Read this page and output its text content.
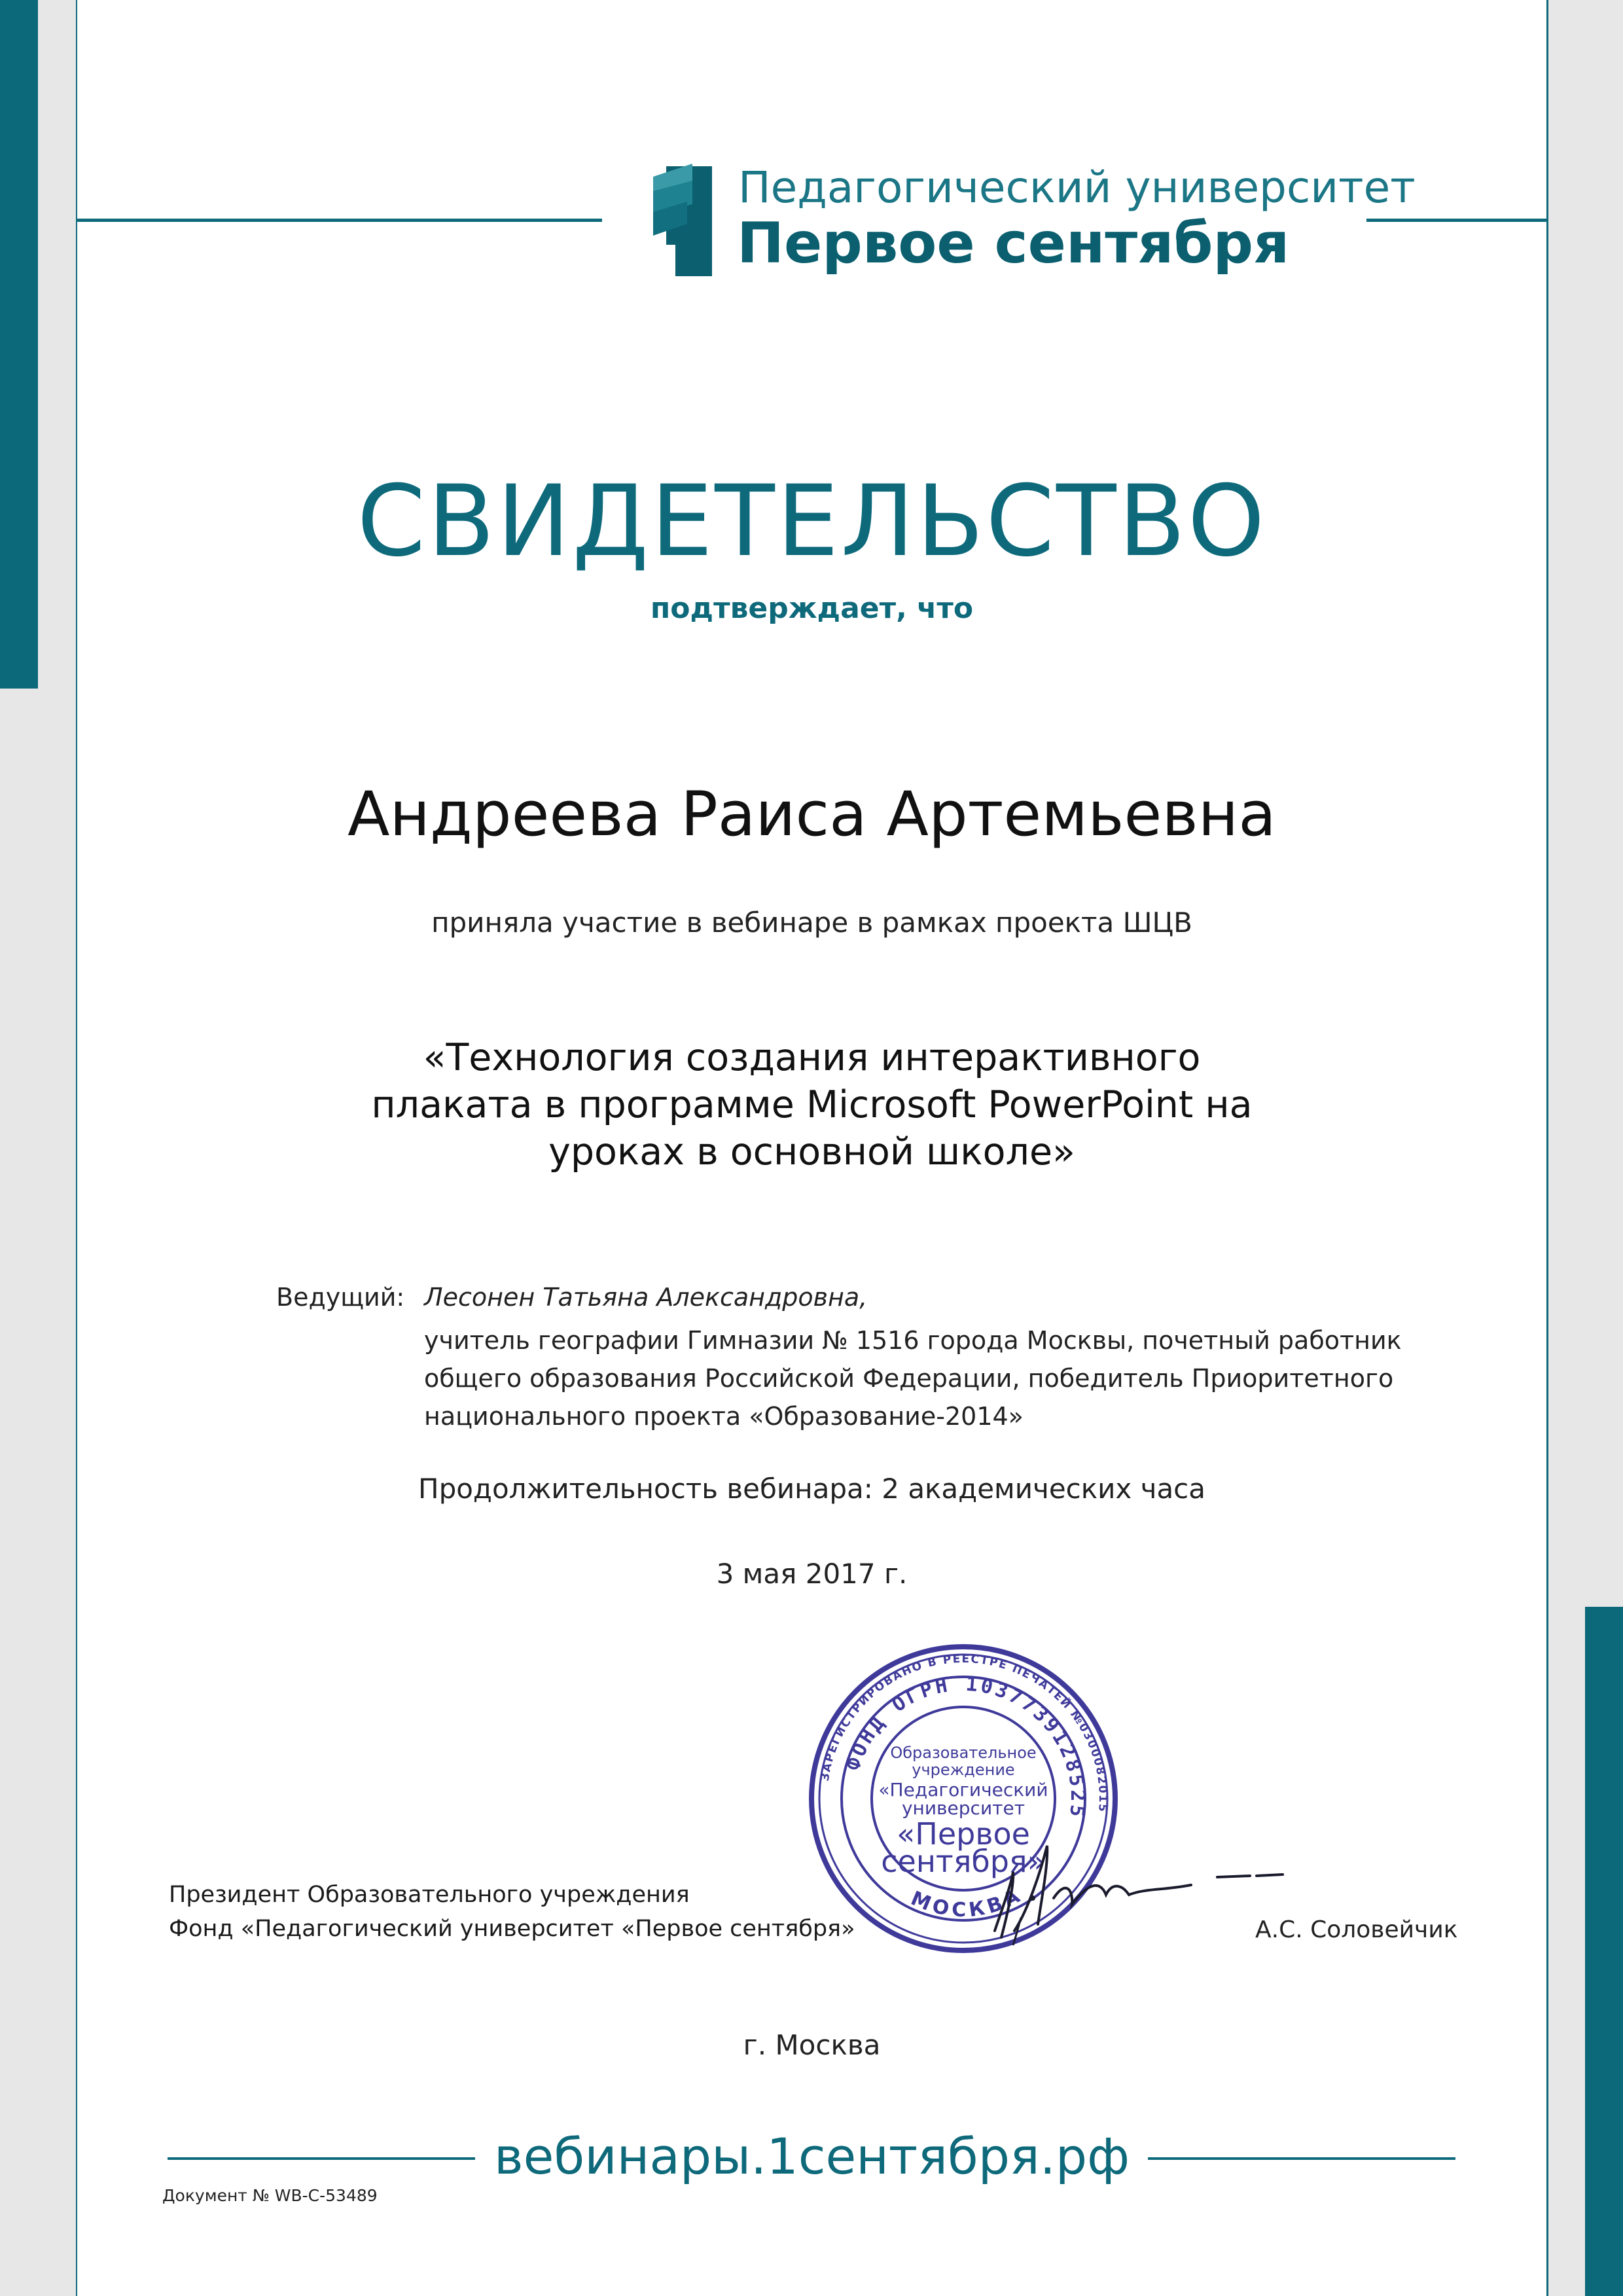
Педагогический университет
Первое сентября
СВИДЕТЕЛЬСТВО
подтверждает, что
Андреева Раиса Артемьевна
приняла участие в вебинаре в рамках проекта ШЦВ
«Технология создания интерактивного
плаката в программе Microsoft PowerPoint на
уроках в основной школе»
Ведущий: Лесонен Татьяна Александровна,
учитель географии Гимназии № 1516 города Москвы, почетный работник
общего образования Российской Федерации, победитель Приоритетного
национального проекта «Образование-2014»
Продолжительность вебинара: 2 академических часа
3 мая 2017 г.
Президент Образовательного учреждения
Фонд «Педагогический университет «Первое сентября»
ЗАРЕГИСТРИРОВАНО В РЕЕСТРЕ ПЕЧАТЕЙ №0300082015
ФОНД ОГРН 1037739128525
МОСКВА
Образовательное
учреждение
«Педагогический
университет
«Первое
сентября»
А.С. Соловейчик
г. Москва
вебинары.1сентября.рф
Документ № WB-C-53489
